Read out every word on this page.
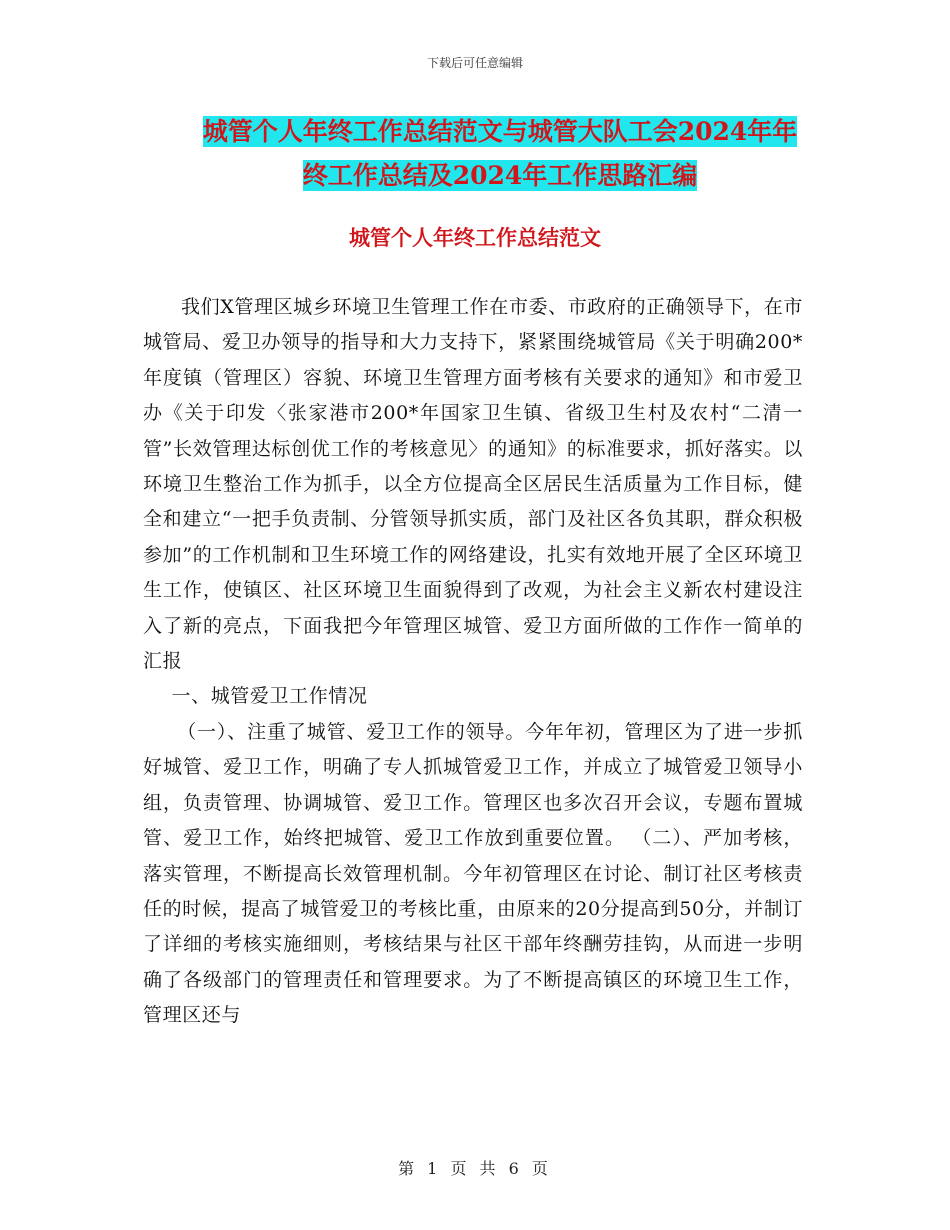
下载后可任意编辑
城管个人年终工作总结范文与城管大队工会2024年年
终工作总结及2024年工作思路汇编
城管个人年终工作总结范文

我们X管理区城乡环境卫生管理工作在市委、市政府的正确领导下，在市城管局、爱卫办领导的指导和大力支持下，紧紧围绕城管局《关于明确200*年度镇（管理区）容貌、环境卫生管理方面考核有关要求的通知》和市爱卫办《关于印发〈张家港市200*年国家卫生镇、省级卫生村及农村“二清一管”长效管理达标创优工作的考核意见〉的通知》的标准要求，抓好落实。以环境卫生整治工作为抓手，以全方位提高全区居民生活质量为工作目标，健全和建立“一把手负责制、分管领导抓实质，部门及社区各负其职，群众积极参加”的工作机制和卫生环境工作的网络建设，扎实有效地开展了全区环境卫生工作，使镇区、社区环境卫生面貌得到了改观，为社会主义新农村建设注入了新的亮点，下面我把今年管理区城管、爱卫方面所做的工作作一简单的汇报

一、城管爱卫工作情况

（一）、注重了城管、爱卫工作的领导。今年年初，管理区为了进一步抓好城管、爱卫工作，明确了专人抓城管爱卫工作，并成立了城管爱卫领导小组，负责管理、协调城管、爱卫工作。管理区也多次召开会议，专题布置城管、爱卫工作，始终把城管、爱卫工作放到重要位置。 （二）、严加考核，落实管理，不断提高长效管理机制。今年初管理区在讨论、制订社区考核责任的时候，提高了城管爱卫的考核比重，由原来的20分提高到50分，并制订了详细的考核实施细则，考核结果与社区干部年终酬劳挂钩，从而进一步明确了各级部门的管理责任和管理要求。为了不断提高镇区的环境卫生工作，管理区还与

第 1 页 共 6 页
